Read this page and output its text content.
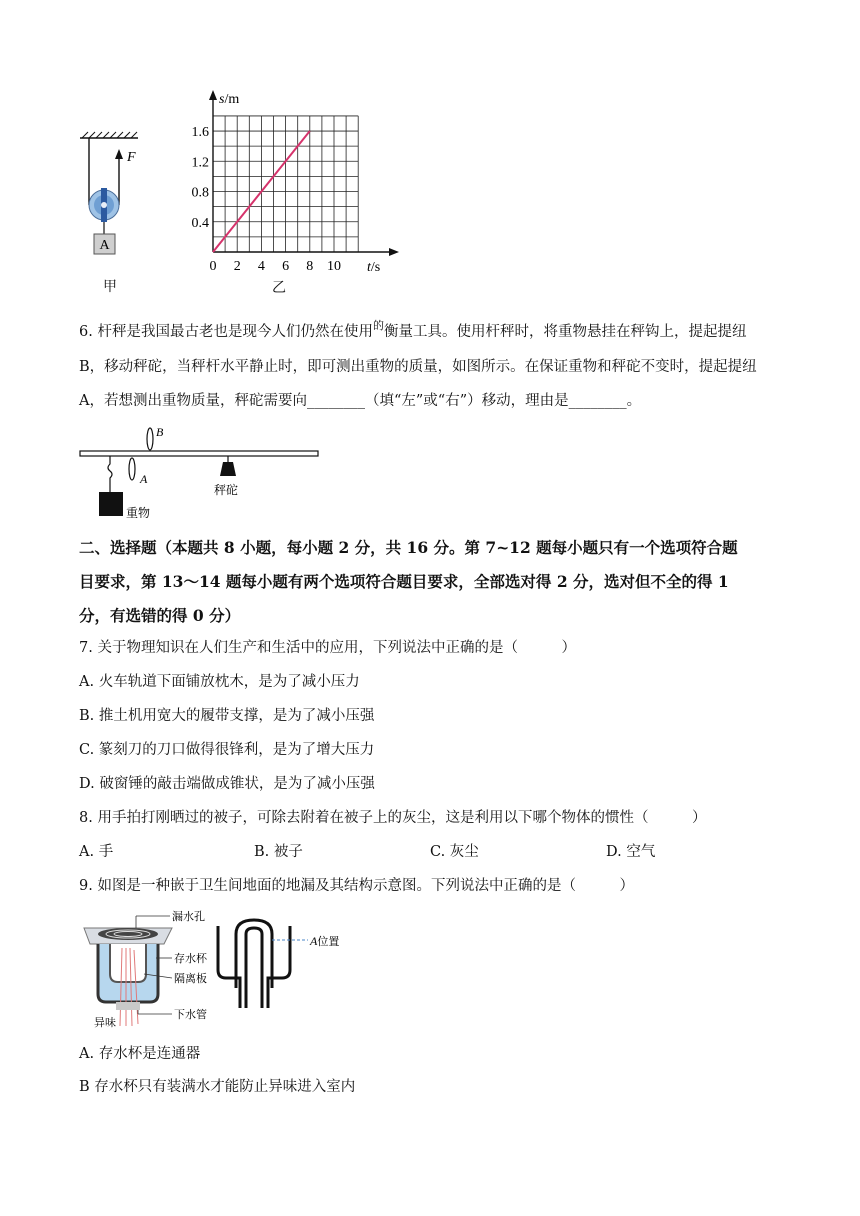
A
F
甲
0 2 4 6 8 10
0.4
0.8
1.2
1.6
s/m
t/s
乙
6. 杆秤是我国最古老也是现今人们仍然在使用$^的$衡量工具。使用杆秤时，将重物悬挂在秤钩上，提起提纽
B，移动秤砣，当秤杆水平静止时，即可测出重物的质量，如图所示。在保证重物和秤砣不变时，提起提纽
A，若想测出重物质量，秤砣需要向________（填“左”或“右”）移动，理由是________。
B
A
重物
秤砣
二、选择题（本题共 8 小题，每小题 2 分，共 16 分。第 7~12 题每小题只有一个选项符合题
目要求，第 13～14 题每小题有两个选项符合题目要求，全部选对得 2 分，选对但不全的得 1
分，有选错的得 0 分）
7. 关于物理知识在人们生产和生活中的应用，下列说法中正确的是（　　　）
A. 火车轨道下面铺放枕木，是为了减小压力
B. 推土机用宽大的履带支撑，是为了减小压强
C. 篆刻刀的刀口做得很锋利，是为了增大压力
D. 破窗锤的敲击端做成锥状，是为了减小压强
8. 用手拍打刚晒过的被子，可除去附着在被子上的灰尘，这是利用以下哪个物体的惯性（　　　）
A. 手	B. 被子	C. 灰尘	D. 空气
9. 如图是一种嵌于卫生间地面的地漏及其结构示意图。下列说法中正确的是（　　　）
漏水孔
存水杯
隔离板
下水管
异味
A位置
A. 存水杯是连通器
B 存水杯只有装满水才能防止异味进入室内
